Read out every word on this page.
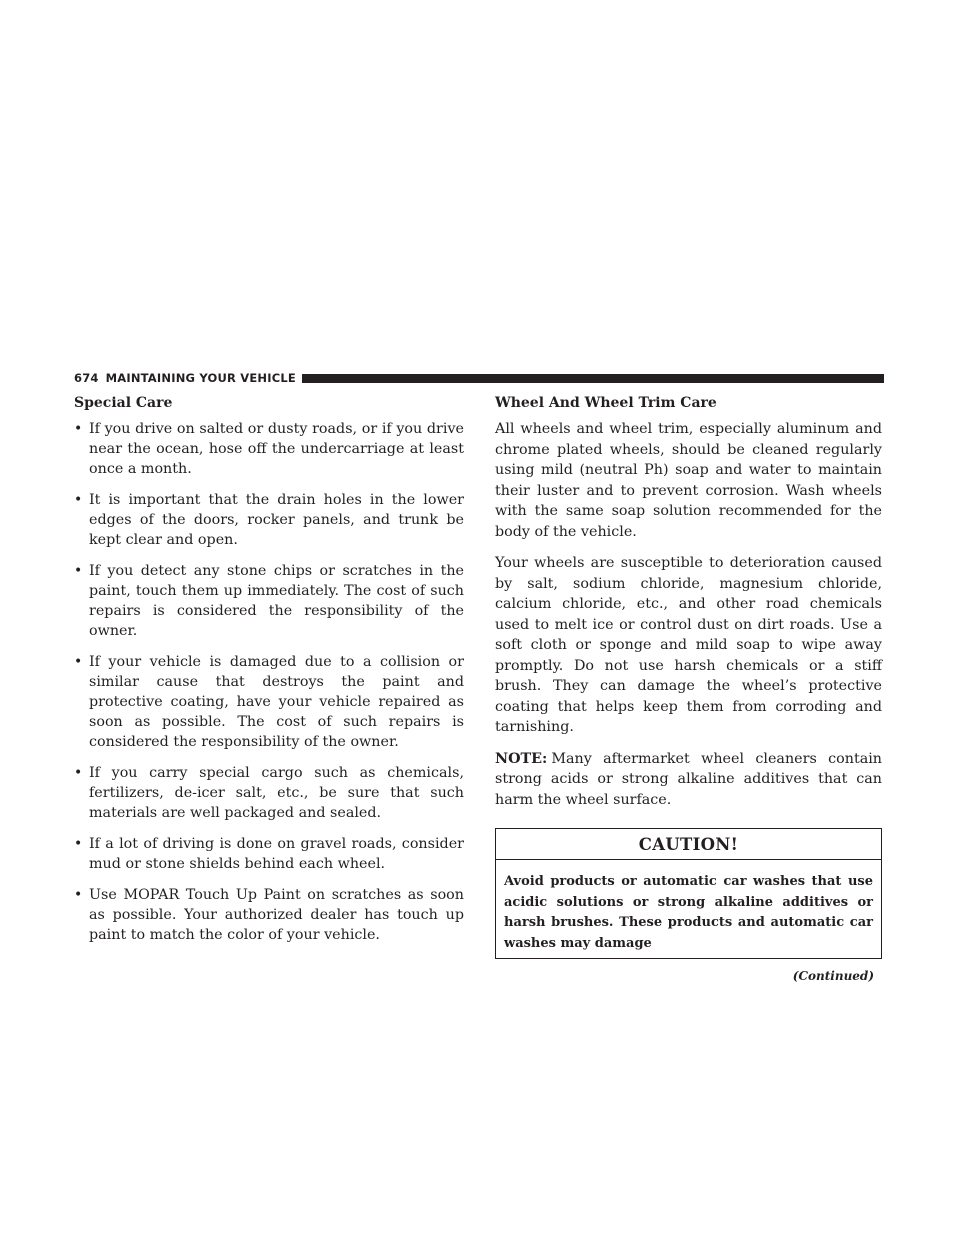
674 MAINTAINING YOUR VEHICLE
Special Care
• If you drive on salted or dusty roads, or if you drive near the ocean, hose off the undercarriage at least once a month.
• It is important that the drain holes in the lower edges of the doors, rocker panels, and trunk be kept clear and open.
• If you detect any stone chips or scratches in the paint, touch them up immediately. The cost of such repairs is considered the responsibility of the owner.
• If your vehicle is damaged due to a collision or similar cause that destroys the paint and protective coating, have your vehicle repaired as soon as possible. The cost of such repairs is considered the responsibility of the owner.
• If you carry special cargo such as chemicals, fertilizers, de-icer salt, etc., be sure that such materials are well packaged and sealed.
• If a lot of driving is done on gravel roads, consider mud or stone shields behind each wheel.
• Use MOPAR Touch Up Paint on scratches as soon as possible. Your authorized dealer has touch up paint to match the color of your vehicle.
Wheel And Wheel Trim Care

All wheels and wheel trim, especially aluminum and chrome plated wheels, should be cleaned regularly using mild (neutral Ph) soap and water to maintain their luster and to prevent corrosion. Wash wheels with the same soap solution recommended for the body of the vehicle.

Your wheels are susceptible to deterioration caused by salt, sodium chloride, magnesium chloride, calcium chloride, etc., and other road chemicals used to melt ice or control dust on dirt roads. Use a soft cloth or sponge and mild soap to wipe away promptly. Do not use harsh chemicals or a stiff brush. They can damage the wheel’s protective coating that helps keep them from corroding and tarnishing.

NOTE: Many aftermarket wheel cleaners contain strong acids or strong alkaline additives that can harm the wheel surface.

CAUTION!
Avoid products or automatic car washes that use acidic solutions or strong alkaline additives or harsh brushes. These products and automatic car washes may damage
(Continued)
